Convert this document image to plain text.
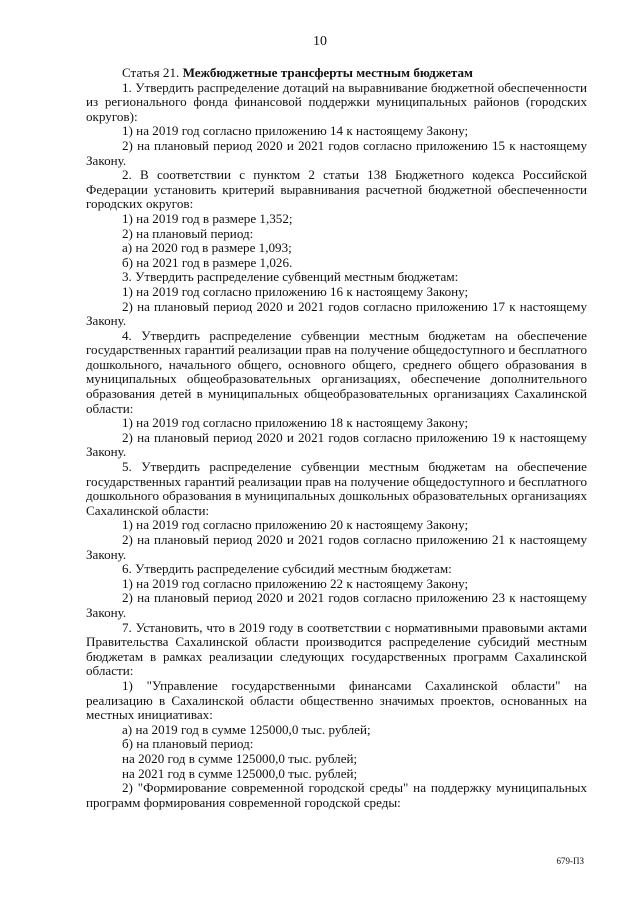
10

Статья 21. Межбюджетные трансферты местным бюджетам

1. Утвердить распределение дотаций на выравнивание бюджетной обеспеченности из регионального фонда финансовой поддержки муниципальных районов (городских округов):

1) на 2019 год согласно приложению 14 к настоящему Закону;

2) на плановый период 2020 и 2021 годов согласно приложению 15 к настоящему Закону.

2. В соответствии с пунктом 2 статьи 138 Бюджетного кодекса Российской Федерации установить критерий выравнивания расчетной бюджетной обеспеченности городских округов:

1) на 2019 год в размере 1,352;

2) на плановый период:

а) на 2020 год в размере 1,093;

б) на 2021 год в размере 1,026.

3. Утвердить распределение субвенций местным бюджетам:

1) на 2019 год согласно приложению 16 к настоящему Закону;

2) на плановый период 2020 и 2021 годов согласно приложению 17 к настоящему Закону.

4. Утвердить распределение субвенции местным бюджетам на обеспечение государственных гарантий реализации прав на получение общедоступного и бесплатного дошкольного, начального общего, основного общего, среднего общего образования в муниципальных общеобразовательных организациях, обеспечение дополнительного образования детей в муниципальных общеобразовательных организациях Сахалинской области:

1) на 2019 год согласно приложению 18 к настоящему Закону;

2) на плановый период 2020 и 2021 годов согласно приложению 19 к настоящему Закону.

5. Утвердить распределение субвенции местным бюджетам на обеспечение государственных гарантий реализации прав на получение общедоступного и бесплатного дошкольного образования в муниципальных дошкольных образовательных организациях Сахалинской области:

1) на 2019 год согласно приложению 20 к настоящему Закону;

2) на плановый период 2020 и 2021 годов согласно приложению 21 к настоящему Закону.

6. Утвердить распределение субсидий местным бюджетам:

1) на 2019 год согласно приложению 22 к настоящему Закону;

2) на плановый период 2020 и 2021 годов согласно приложению 23 к настоящему Закону.

7. Установить, что в 2019 году в соответствии с нормативными правовыми актами Правительства Сахалинской области производится распределение субсидий местным бюджетам в рамках реализации следующих государственных программ Сахалинской области:

1) "Управление государственными финансами Сахалинской области" на реализацию в Сахалинской области общественно значимых проектов, основанных на местных инициативах:

а) на 2019 год в сумме 125000,0 тыс. рублей;

б) на плановый период:

на 2020 год в сумме 125000,0 тыс. рублей;

на 2021 год в сумме 125000,0 тыс. рублей;

2) "Формирование современной городской среды" на поддержку муниципальных программ формирования современной городской среды:

679-ПЗ
